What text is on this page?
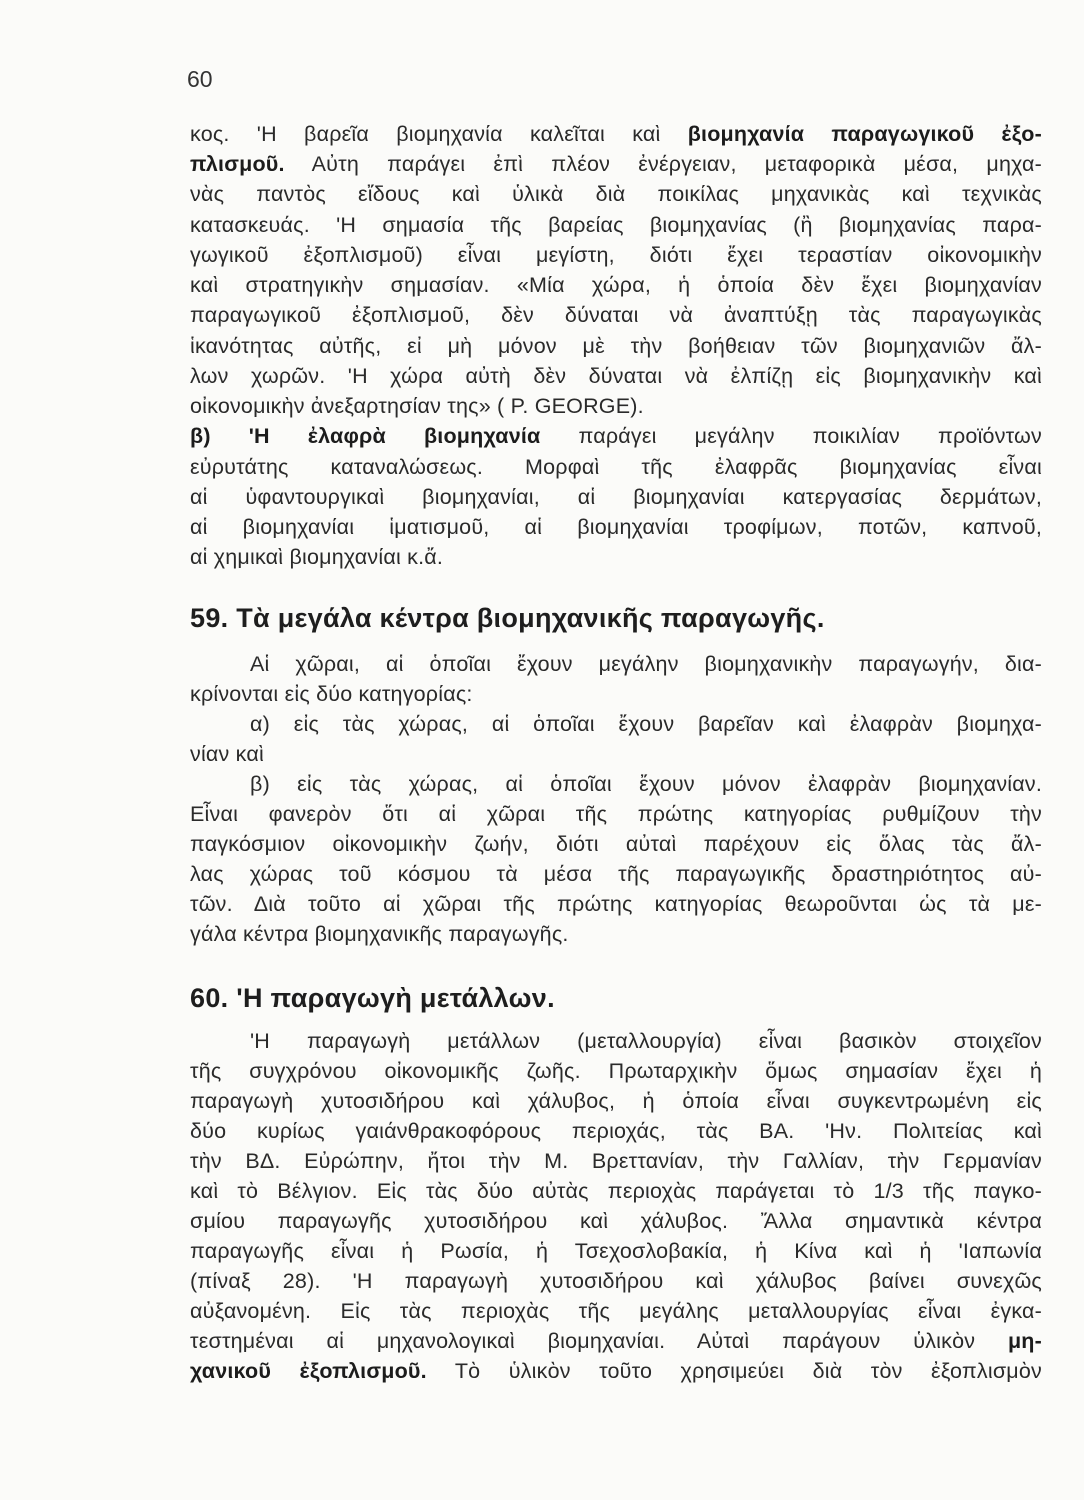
60
κος. 'Η βαρεῖα βιομηχανία καλεῖται καὶ βιομηχανία παραγωγικοῦ ἐξο-
πλισμοῦ. Αὐτη παράγει ἐπὶ πλέον ἐνέργειαν, μεταφορικὰ μέσα, μηχα-
νὰς παντὸς εἴδους καὶ ὑλικὰ διὰ ποικίλας μηχανικὰς καὶ τεχνικὰς
κατασκευάς. 'Η σημασία τῆς βαρείας βιομηχανίας (ἢ βιομηχανίας παρα-
γωγικοῦ ἐξοπλισμοῦ) εἶναι μεγίστη, διότι ἔχει τεραστίαν οἰκονομικὴν
καὶ στρατηγικὴν σημασίαν. «Μία χώρα, ἡ ὁποία δὲν ἔχει βιομηχανίαν
παραγωγικοῦ ἐξοπλισμοῦ, δὲν δύναται νὰ ἀναπτύξῃ τὰς παραγωγικὰς
ἱκανότητας αὐτῆς, εἰ μὴ μόνον μὲ τὴν βοήθειαν τῶν βιομηχανιῶν ἄλ-
λων χωρῶν. 'Η χώρα αὐτὴ δὲν δύναται νὰ ἐλπίζῃ εἰς βιομηχανικὴν καὶ
οἰκονομικὴν ἀνεξαρτησίαν της» ( P. GEORGE).
β) 'Η ἐλαφρὰ βιομηχανία παράγει μεγάλην ποικιλίαν προϊόντων
εὐρυτάτης καταναλώσεως. Μορφαὶ τῆς ἐλαφρᾶς βιομηχανίας εἶναι
αἱ ὑφαντουργικαὶ βιομηχανίαι, αἱ βιομηχανίαι κατεργασίας δερμάτων,
αἱ βιομηχανίαι ἱματισμοῦ, αἱ βιομηχανίαι τροφίμων, ποτῶν, καπνοῦ,
αἱ χημικαὶ βιομηχανίαι κ.ἄ.
59. Τὰ μεγάλα κέντρα βιομηχανικῆς παραγωγῆς.
Αἱ χῶραι, αἱ ὁποῖαι ἔχουν μεγάλην βιομηχανικὴν παραγωγήν, δια-
κρίνονται εἰς δύο κατηγορίας:
α) εἰς τὰς χώρας, αἱ ὁποῖαι ἔχουν βαρεῖαν καὶ ἐλαφρὰν βιομηχα-
νίαν καὶ
β) εἰς τὰς χώρας, αἱ ὁποῖαι ἔχουν μόνον ἐλαφρὰν βιομηχανίαν.
Εἶναι φανερὸν ὅτι αἱ χῶραι τῆς πρώτης κατηγορίας ρυθμίζουν τὴν
παγκόσμιον οἰκονομικὴν ζωήν, διότι αὐταὶ παρέχουν εἰς ὅλας τὰς ἄλ-
λας χώρας τοῦ κόσμου τὰ μέσα τῆς παραγωγικῆς δραστηριότητος αὐ-
τῶν. Διὰ τοῦτο αἱ χῶραι τῆς πρώτης κατηγορίας θεωροῦνται ὡς τὰ με-
γάλα κέντρα βιομηχανικῆς παραγωγῆς.
60. 'Η παραγωγὴ μετάλλων.
'Η παραγωγὴ μετάλλων (μεταλλουργία) εἶναι βασικὸν στοιχεῖον
τῆς συγχρόνου οἰκονομικῆς ζωῆς. Πρωταρχικὴν ὅμως σημασίαν ἔχει ἡ
παραγωγὴ χυτοσιδήρου καὶ χάλυβος, ἡ ὁποία εἶναι συγκεντρωμένη εἰς
δύο κυρίως γαιάνθρακοφόρους περιοχάς, τὰς ΒΑ. 'Ην. Πολιτείας καὶ
τὴν ΒΔ. Εὐρώπην, ἤτοι τὴν Μ. Βρεττανίαν, τὴν Γαλλίαν, τὴν Γερμανίαν
καὶ τὸ Βέλγιον. Εἰς τὰς δύο αὐτὰς περιοχὰς παράγεται τὸ 1/3 τῆς παγκο-
σμίου παραγωγῆς χυτοσιδήρου καὶ χάλυβος. Ἄλλα σημαντικὰ κέντρα
παραγωγῆς εἶναι ἡ Ρωσία, ἡ Τσεχοσλοβακία, ἡ Κίνα καὶ ἡ 'Ιαπωνία
(πίναξ 28). 'Η παραγωγὴ χυτοσιδήρου καὶ χάλυβος βαίνει συνεχῶς
αὐξανομένη. Εἰς τὰς περιοχὰς τῆς μεγάλης μεταλλουργίας εἶναι ἐγκα-
τεστημέναι αἱ μηχανολογικαὶ βιομηχανίαι. Αὐταὶ παράγουν ὑλικὸν μη-
χανικοῦ ἐξοπλισμοῦ. Τὸ ὑλικὸν τοῦτο χρησιμεύει διὰ τὸν ἐξοπλισμὸν
